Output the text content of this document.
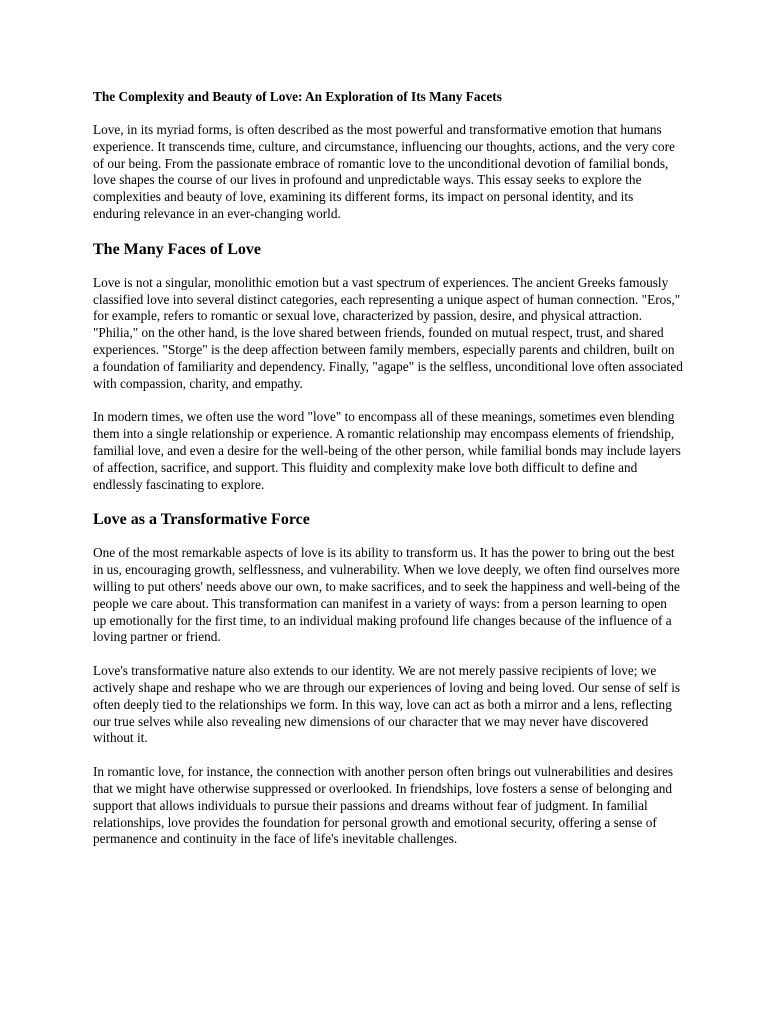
The Complexity and Beauty of Love: An Exploration of Its Many Facets

Love, in its myriad forms, is often described as the most powerful and transformative emotion that humans experience. It transcends time, culture, and circumstance, influencing our thoughts, actions, and the very core of our being. From the passionate embrace of romantic love to the unconditional devotion of familial bonds, love shapes the course of our lives in profound and unpredictable ways. This essay seeks to explore the complexities and beauty of love, examining its different forms, its impact on personal identity, and its enduring relevance in an ever-changing world.

The Many Faces of Love

Love is not a singular, monolithic emotion but a vast spectrum of experiences. The ancient Greeks famously classified love into several distinct categories, each representing a unique aspect of human connection. "Eros," for example, refers to romantic or sexual love, characterized by passion, desire, and physical attraction. "Philia," on the other hand, is the love shared between friends, founded on mutual respect, trust, and shared experiences. "Storge" is the deep affection between family members, especially parents and children, built on a foundation of familiarity and dependency. Finally, "agape" is the selfless, unconditional love often associated with compassion, charity, and empathy.

In modern times, we often use the word "love" to encompass all of these meanings, sometimes even blending them into a single relationship or experience. A romantic relationship may encompass elements of friendship, familial love, and even a desire for the well-being of the other person, while familial bonds may include layers of affection, sacrifice, and support. This fluidity and complexity make love both difficult to define and endlessly fascinating to explore.

Love as a Transformative Force

One of the most remarkable aspects of love is its ability to transform us. It has the power to bring out the best in us, encouraging growth, selflessness, and vulnerability. When we love deeply, we often find ourselves more willing to put others' needs above our own, to make sacrifices, and to seek the happiness and well-being of the people we care about. This transformation can manifest in a variety of ways: from a person learning to open up emotionally for the first time, to an individual making profound life changes because of the influence of a loving partner or friend.

Love's transformative nature also extends to our identity. We are not merely passive recipients of love; we actively shape and reshape who we are through our experiences of loving and being loved. Our sense of self is often deeply tied to the relationships we form. In this way, love can act as both a mirror and a lens, reflecting our true selves while also revealing new dimensions of our character that we may never have discovered without it.

In romantic love, for instance, the connection with another person often brings out vulnerabilities and desires that we might have otherwise suppressed or overlooked. In friendships, love fosters a sense of belonging and support that allows individuals to pursue their passions and dreams without fear of judgment. In familial relationships, love provides the foundation for personal growth and emotional security, offering a sense of permanence and continuity in the face of life's inevitable challenges.
